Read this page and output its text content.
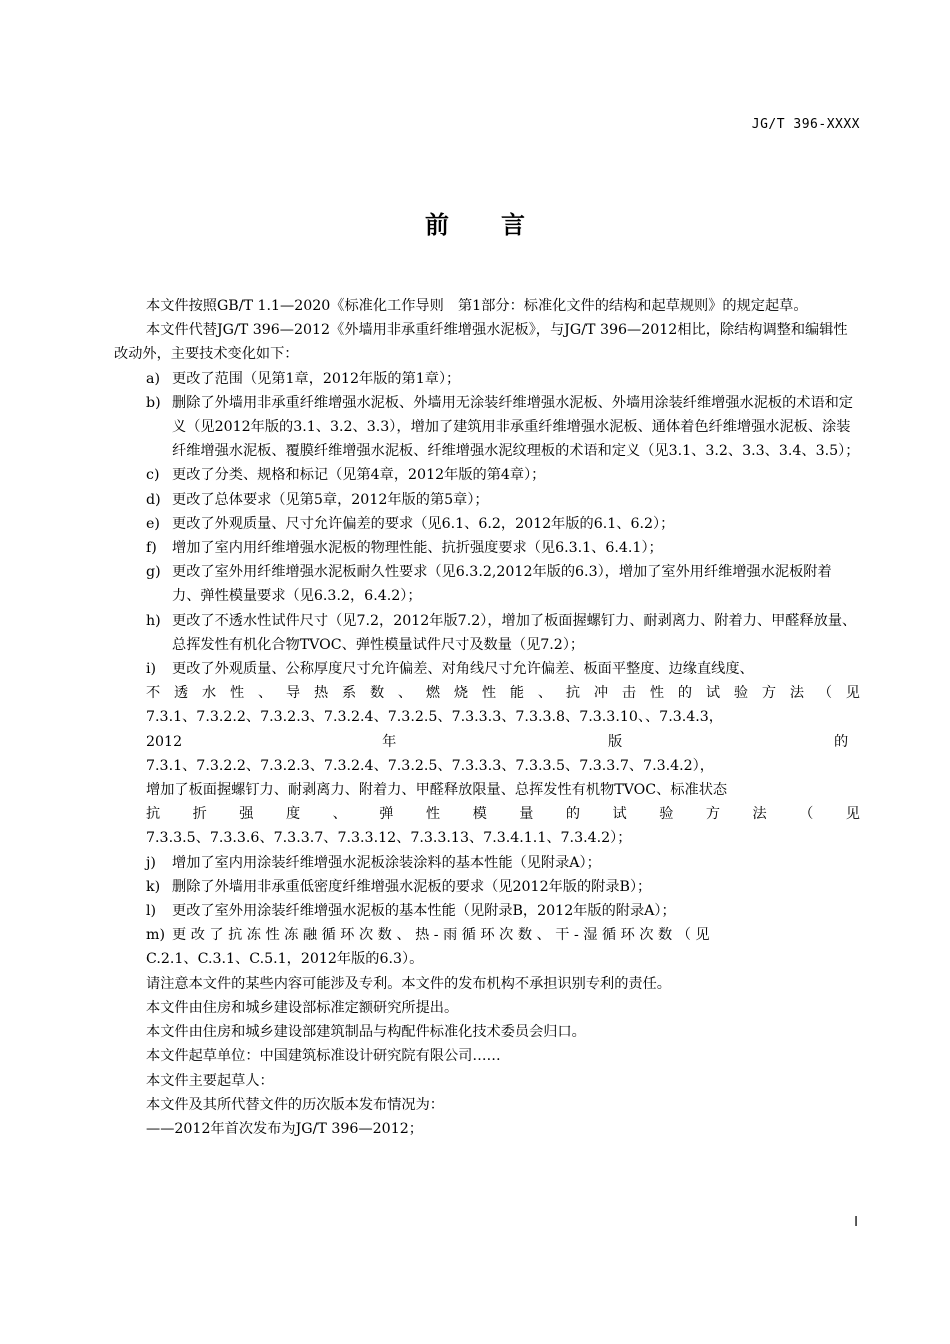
JG/T 396-XXXX
前言

本文件按照GB/T 1.1—2020《标准化工作导则　第1部分：标准化文件的结构和起草规则》的规定起草。

本文件代替JG/T 396—2012《外墙用非承重纤维增强水泥板》，与JG/T 396—2012相比，除结构调整和编辑性改动外，主要技术变化如下：

a) 更改了范围（见第1章，2012年版的第1章）；

b) 删除了外墙用非承重纤维增强水泥板、外墙用无涂装纤维增强水泥板、外墙用涂装纤维增强水泥板的术语和定义（见2012年版的3.1、3.2、3.3），增加了建筑用非承重纤维增强水泥板、通体着色纤维增强水泥板、涂装纤维增强水泥板、覆膜纤维增强水泥板、纤维增强水泥纹理板的术语和定义（见3.1、3.2、3.3、3.4、3.5）；

c) 更改了分类、规格和标记（见第4章，2012年版的第4章）；

d) 更改了总体要求（见第5章，2012年版的第5章）；

e) 更改了外观质量、尺寸允许偏差的要求（见6.1、6.2，2012年版的6.1、6.2）；

f) 增加了室内用纤维增强水泥板的物理性能、抗折强度要求（见6.3.1、6.4.1）；

g) 更改了室外用纤维增强水泥板耐久性要求（见6.3.2,2012年版的6.3），增加了室外用纤维增强水泥板附着力、弹性模量要求（见6.3.2，6.4.2）；

h) 更改了不透水性试件尺寸（见7.2，2012年版7.2），增加了板面握螺钉力、耐剥离力、附着力、甲醛释放量、总挥发性有机化合物TVOC、弹性模量试件尺寸及数量（见7.2）；

i) 更改了外观质量、公称厚度尺寸允许偏差、对角线尺寸允许偏差、板面平整度、边缘直线度、
不 透 水 性 、 导 热 系 数 、 燃 烧 性 能 、 抗 冲 击 性 的 试 验 方 法 （ 见
7.3.1、7.3.2.2、7.3.2.3、7.3.2.4、7.3.2.5、7.3.3.3、7.3.3.8、7.3.3.10、、7.3.4.3，
2012	年	版	的
7.3.1、7.3.2.2、7.3.2.3、7.3.2.4、7.3.2.5、7.3.3.3、7.3.3.5、7.3.3.7、7.3.4.2），
增加了板面握螺钉力、耐剥离力、附着力、甲醛释放限量、总挥发性有机物TVOC、标准状态
抗 折 强 度 、 弹 性 模 量 的 试 验 方 法 （ 见
7.3.3.5、7.3.3.6、7.3.3.7、7.3.3.12、7.3.3.13、7.3.4.1.1、7.3.4.2）；

j) 增加了室内用涂装纤维增强水泥板涂装涂料的基本性能（见附录A）；

k) 删除了外墙用非承重低密度纤维增强水泥板的要求（见2012年版的附录B）；

l) 更改了室外用涂装纤维增强水泥板的基本性能（见附录B，2012年版的附录A）；

m) 更 改 了 抗 冻 性 冻 融 循 环 次 数 、 热 - 雨 循 环 次 数 、 干 - 湿 循 环 次 数 （ 见
C.2.1、C.3.1、C.5.1，2012年版的6.3）。

请注意本文件的某些内容可能涉及专利。本文件的发布机构不承担识别专利的责任。

本文件由住房和城乡建设部标准定额研究所提出。

本文件由住房和城乡建设部建筑制品与构配件标准化技术委员会归口。

本文件起草单位：中国建筑标准设计研究院有限公司……

本文件主要起草人：

本文件及其所代替文件的历次版本发布情况为：

——2012年首次发布为JG/T 396—2012；

I
